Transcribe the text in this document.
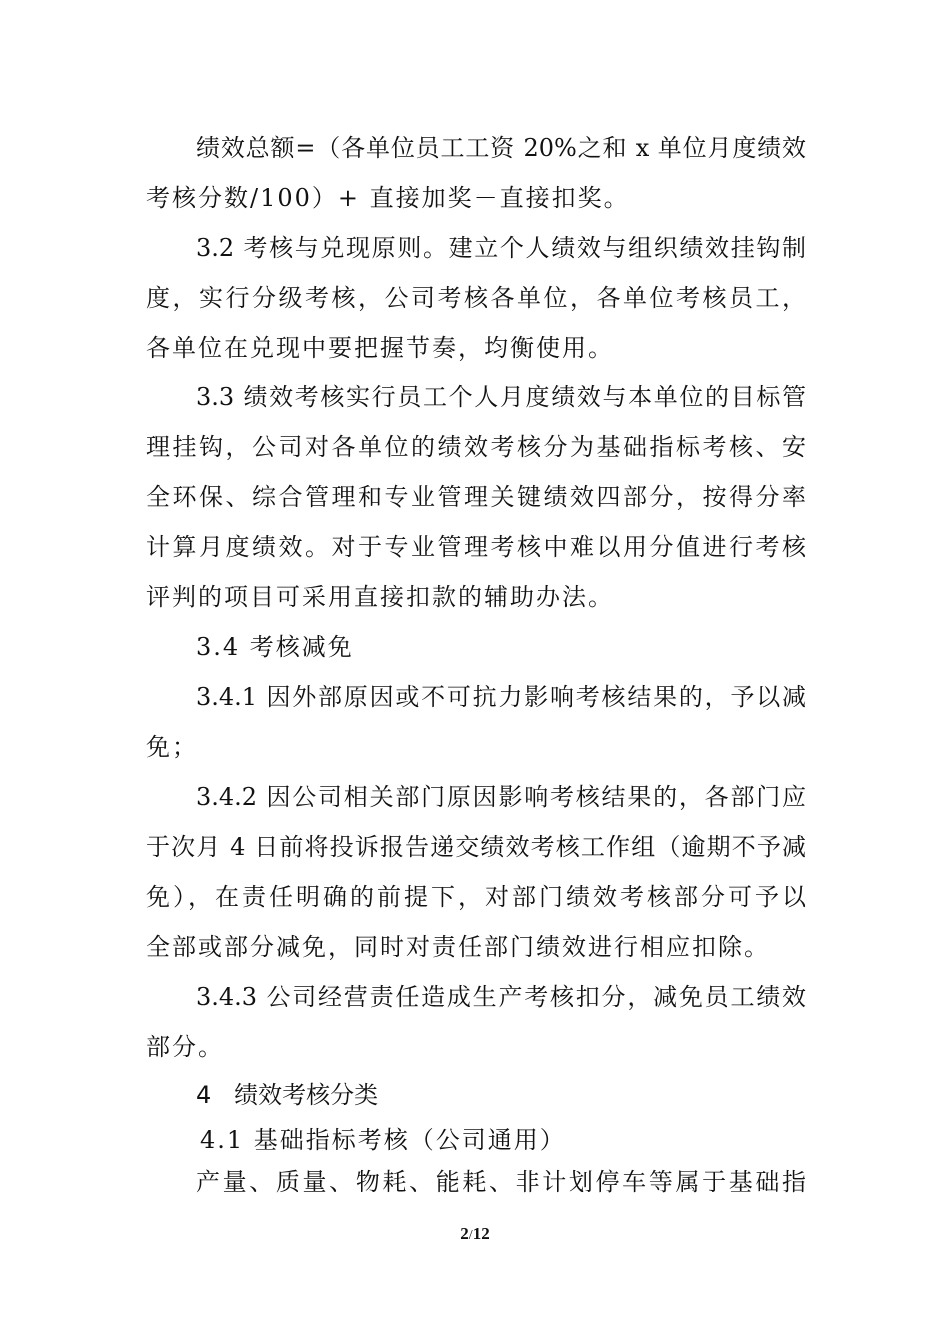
绩效总额=（各单位员工工资 20%之和 x 单位月度绩效
考核分数/100）+ 直接加奖－直接扣奖。
3.2 考核与兑现原则。建立个人绩效与组织绩效挂钩制
度，实行分级考核，公司考核各单位，各单位考核员工，
各单位在兑现中要把握节奏，均衡使用。
3.3 绩效考核实行员工个人月度绩效与本单位的目标管
理挂钩，公司对各单位的绩效考核分为基础指标考核、安
全环保、综合管理和专业管理关键绩效四部分，按得分率
计算月度绩效。对于专业管理考核中难以用分值进行考核
评判的项目可采用直接扣款的辅助办法。
3.4 考核减免
3.4.1 因外部原因或不可抗力影响考核结果的，予以减
免；
3.4.2 因公司相关部门原因影响考核结果的，各部门应
于次月 4 日前将投诉报告递交绩效考核工作组（逾期不予减
免），在责任明确的前提下，对部门绩效考核部分可予以
全部或部分减免，同时对责任部门绩效进行相应扣除。
3.4.3 公司经营责任造成生产考核扣分，减免员工绩效
部分。
4   绩效考核分类
4.1 基础指标考核（公司通用）
产量、质量、物耗、能耗、非计划停车等属于基础指
2/12
